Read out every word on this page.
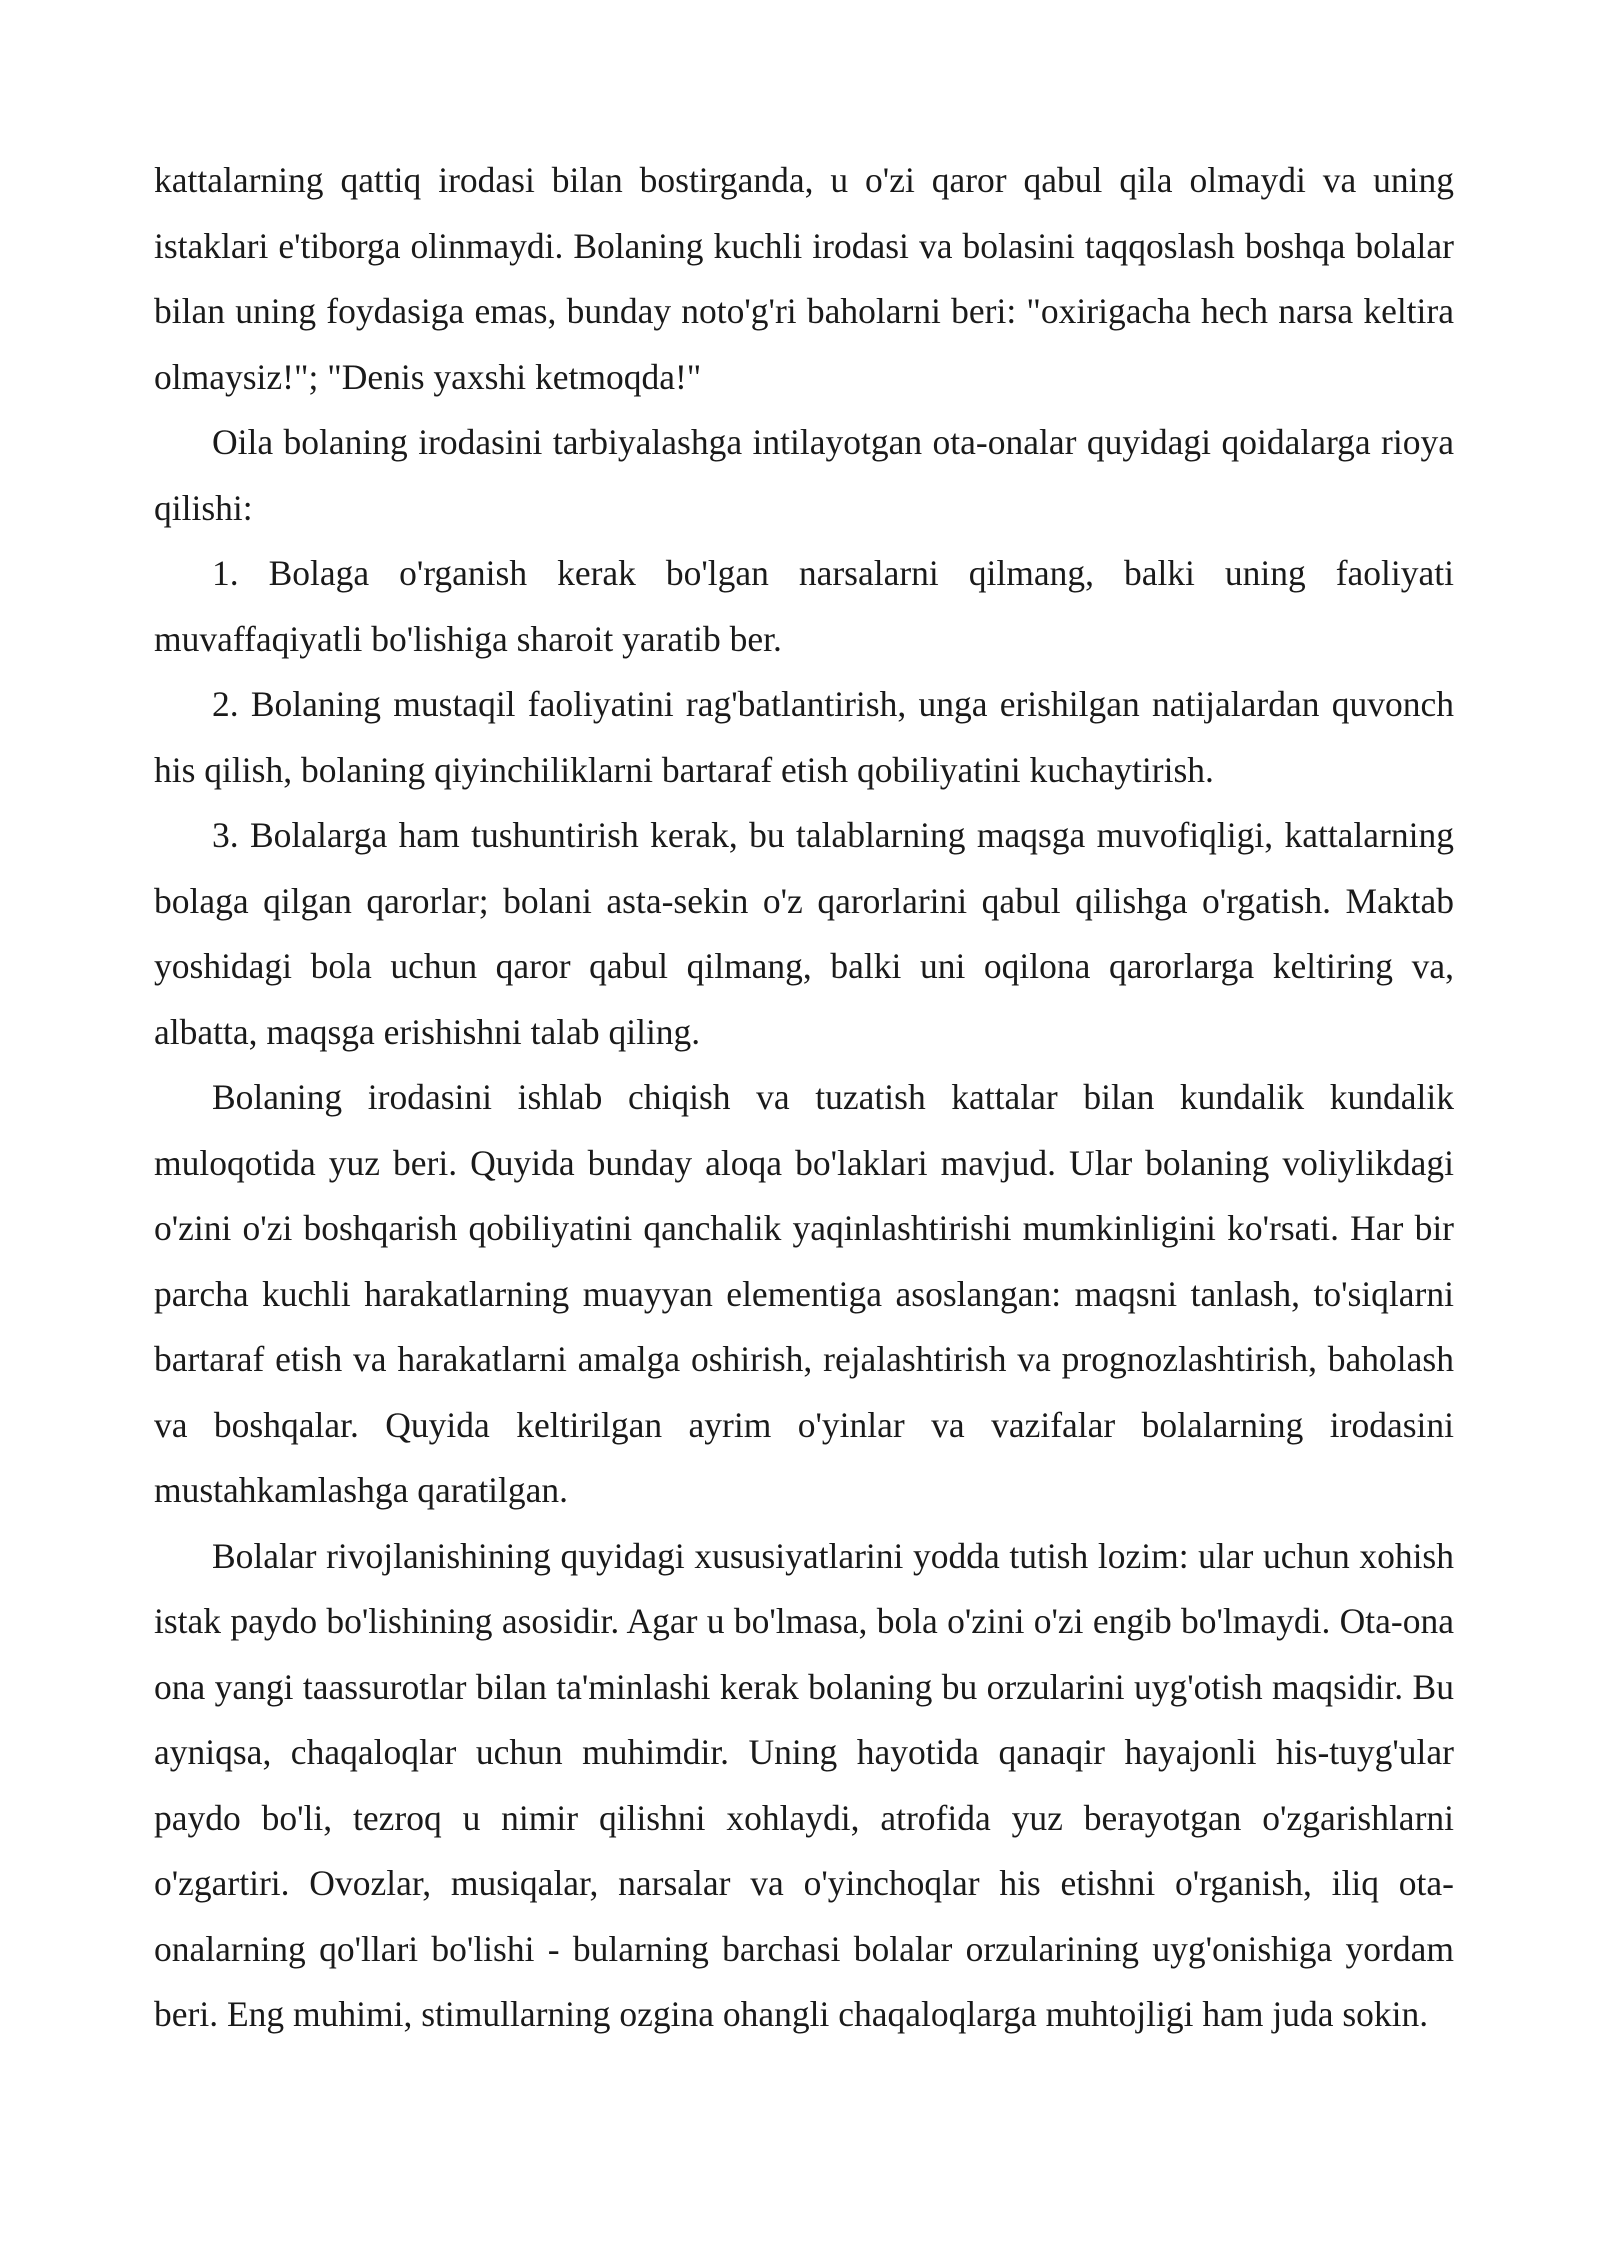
kattalarning qattiq irodasi bilan bostirganda, u o'zi qaror qabul qila olmaydi va uning istaklari e'tiborga olinmaydi. Bolaning kuchli irodasi va bolasini taqqoslash boshqa bolalar bilan uning foydasiga emas, bunday noto'g'ri baholarni beri: "oxirigacha hech narsa keltira olmaysiz!"; "Denis yaxshi ketmoqda!"

Oila bolaning irodasini tarbiyalashga intilayotgan ota-onalar quyidagi qoidalarga rioya qilishi:

1. Bolaga o'rganish kerak bo'lgan narsalarni qilmang, balki uning faoliyati muvaffaqiyatli bo'lishiga sharoit yaratib ber.

2. Bolaning mustaqil faoliyatini rag'batlantirish, unga erishilgan natijalardan quvonch his qilish, bolaning qiyinchiliklarni bartaraf etish qobiliyatini kuchaytirish.

3. Bolalarga ham tushuntirish kerak, bu talablarning maqsga muvofiqligi, kattalarning bolaga qilgan qarorlar; bolani asta-sekin o'z qarorlarini qabul qilishga o'rgatish. Maktab yoshidagi bola uchun qaror qabul qilmang, balki uni oqilona qarorlarga keltiring va, albatta, maqsga erishishni talab qiling.

Bolaning irodasini ishlab chiqish va tuzatish kattalar bilan kundalik kundalik muloqotida yuz beri. Quyida bunday aloqa bo'laklari mavjud. Ular bolaning voliylikdagi o'zini o'zi boshqarish qobiliyatini qanchalik yaqinlashtirishi mumkinligini ko'rsati. Har bir parcha kuchli harakatlarning muayyan elementiga asoslangan: maqsni tanlash, to'siqlarni bartaraf etish va harakatlarni amalga oshirish, rejalashtirish va prognozlashtirish, baholash va boshqalar. Quyida keltirilgan ayrim o'yinlar va vazifalar bolalarning irodasini mustahkamlashga qaratilgan.

Bolalar rivojlanishining quyidagi xususiyatlarini yodda tutish lozim: ular uchun xohish istak paydo bo'lishining asosidir. Agar u bo'lmasa, bola o'zini o'zi engib bo'lmaydi. Ota-ona ona yangi taassurotlar bilan ta'minlashi kerak bolaning bu orzularini uyg'otish maqsidir. Bu ayniqsa, chaqaloqlar uchun muhimdir. Uning hayotida qanaqir hayajonli his-tuyg'ular paydo bo'li, tezroq u nimir qilishni xohlaydi, atrofida yuz berayotgan o'zgarishlarni o'zgartiri. Ovozlar, musiqalar, narsalar va o'yinchoqlar his etishni o'rganish, iliq ota-onalarning qo'llari bo'lishi - bularning barchasi bolalar orzularining uyg'onishiga yordam beri. Eng muhimi, stimullarning ozgina ohangli chaqaloqlarga muhtojligi ham juda sokin.
